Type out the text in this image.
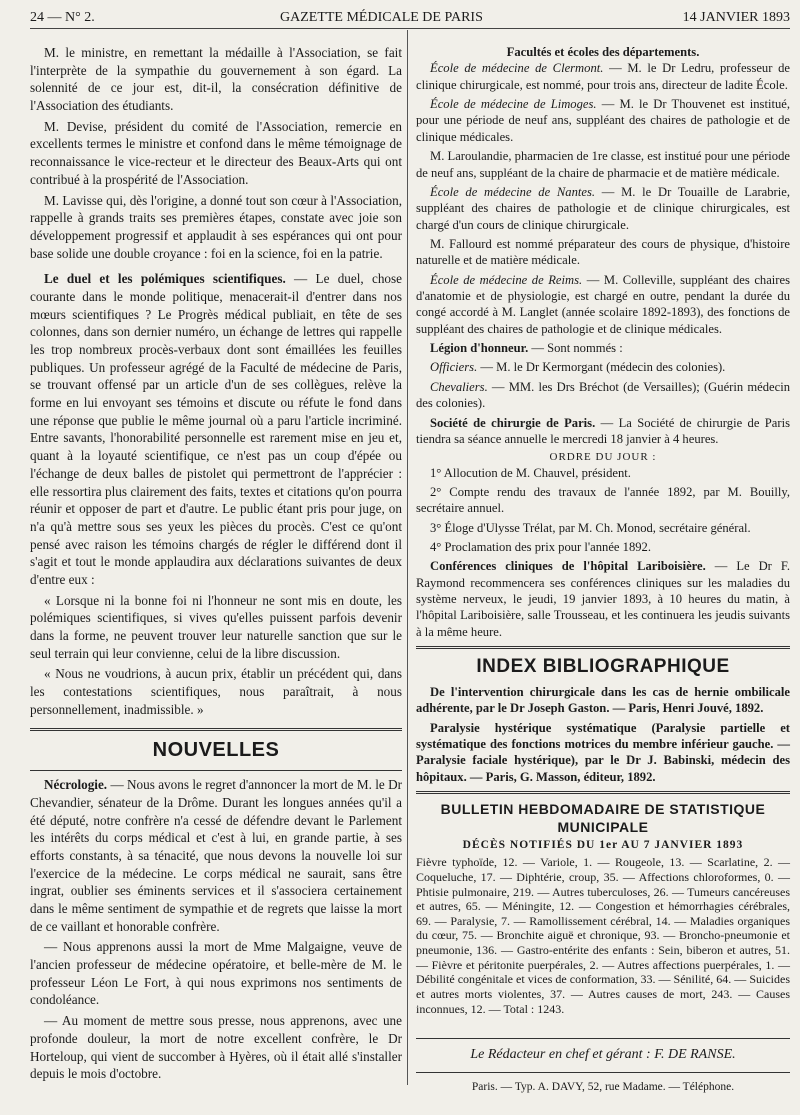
24 — N° 2.	GAZETTE MÉDICALE DE PARIS	14 JANVIER 1893

M. le ministre, en remettant la médaille à l'Association, se fait l'interprète de la sympathie du gouvernement à son égard. La solennité de ce jour est, dit-il, la consécration définitive de l'Association des étudiants.

M. Devise, président du comité de l'Association, remercie en excellents termes le ministre et confond dans le même témoignage de reconnaissance le vice-recteur et le directeur des Beaux-Arts qui ont contribué à la prospérité de l'Association.

M. Lavisse qui, dès l'origine, a donné tout son cœur à l'Association, rappelle à grands traits ses premières étapes, constate avec joie son développement progressif et applaudit à ses espérances qui ont pour base solide une double croyance : foi en la science, foi en la patrie.

Le duel et les polémiques scientifiques. — Le duel, chose courante dans le monde politique, menacerait-il d'entrer dans nos mœurs scientifiques ? Le Progrès médical publiait, en tête de ses colonnes, dans son dernier numéro, un échange de lettres qui rappelle les trop nombreux procès-verbaux dont sont émaillées les feuilles publiques. Un professeur agrégé de la Faculté de médecine de Paris, se trouvant offensé par un article d'un de ses collègues, relève la forme en lui envoyant ses témoins et discute ou réfute le fond dans une réponse que publie le même journal où a paru l'article incriminé. Entre savants, l'honorabilité personnelle est rarement mise en jeu et, quant à la loyauté scientifique, ce n'est pas un coup d'épée ou l'échange de deux balles de pistolet qui permettront de l'apprécier : elle ressortira plus clairement des faits, textes et citations qu'on pourra réunir et opposer de part et d'autre. Le public étant pris pour juge, on n'a qu'à mettre sous ses yeux les pièces du procès. C'est ce qu'ont pensé avec raison les témoins chargés de régler le différend dont il s'agit et tout le monde applaudira aux déclarations suivantes de deux d'entre eux :

« Lorsque ni la bonne foi ni l'honneur ne sont mis en doute, les polémiques scientifiques, si vives qu'elles puissent parfois devenir dans la forme, ne peuvent trouver leur naturelle sanction que sur le seul terrain qui leur convienne, celui de la libre discussion.

« Nous ne voudrions, à aucun prix, établir un précédent qui, dans les contestations scientifiques, nous paraîtrait, à nous personnellement, inadmissible. »

NOUVELLES

Nécrologie. — Nous avons le regret d'annoncer la mort de M. le Dr Chevandier, sénateur de la Drôme. Durant les longues années qu'il a été député, notre confrère n'a cessé de défendre devant le Parlement les intérêts du corps médical et c'est à lui, en grande partie, à ses efforts constants, à sa ténacité, que nous devons la nouvelle loi sur l'exercice de la médecine. Le corps médical ne saurait, sans être ingrat, oublier ses éminents services et il s'associera certainement dans le même sentiment de sympathie et de regrets que laisse la mort de ce vaillant et honorable confrère.

— Nous apprenons aussi la mort de Mme Malgaigne, veuve de l'ancien professeur de médecine opératoire, et belle-mère de M. le professeur Léon Le Fort, à qui nous exprimons nos sentiments de condoléance.

— Au moment de mettre sous presse, nous apprenons, avec une profonde douleur, la mort de notre excellent confrère, le Dr Horteloup, qui vient de succomber à Hyères, où il était allé s'installer depuis le mois d'octobre.

Facultés et écoles des départements.

École de médecine de Clermont. — M. le Dr Ledru, professeur de clinique chirurgicale, est nommé, pour trois ans, directeur de ladite École.

École de médecine de Limoges. — M. le Dr Thouvenet est institué, pour une période de neuf ans, suppléant des chaires de pathologie et de clinique médicales.

M. Laroulandie, pharmacien de 1re classe, est institué pour une période de neuf ans, suppléant de la chaire de pharmacie et de matière médicale.

École de médecine de Nantes. — M. le Dr Touaille de Larabrie, suppléant des chaires de pathologie et de clinique chirurgicales, est chargé d'un cours de clinique chirurgicale.

M. Fallourd est nommé préparateur des cours de physique, d'histoire naturelle et de matière médicale.

École de médecine de Reims. — M. Colleville, suppléant des chaires d'anatomie et de physiologie, est chargé en outre, pendant la durée du congé accordé à M. Langlet (année scolaire 1892-1893), des fonctions de suppléant des chaires de pathologie et de clinique médicales.

Légion d'honneur. — Sont nommés :

Officiers. — M. le Dr Kermorgant (médecin des colonies).

Chevaliers. — MM. les Drs Bréchot (de Versailles); (Guérin médecin des colonies).

Société de chirurgie de Paris. — La Société de chirurgie de Paris tiendra sa séance annuelle le mercredi 18 janvier à 4 heures.

ORDRE DU JOUR :

1° Allocution de M. Chauvel, président.

2° Compte rendu des travaux de l'année 1892, par M. Bouilly, secrétaire annuel.

3° Éloge d'Ulysse Trélat, par M. Ch. Monod, secrétaire général.

4° Proclamation des prix pour l'année 1892.

Conférences cliniques de l'hôpital Lariboisière. — Le Dr F. Raymond recommencera ses conférences cliniques sur les maladies du système nerveux, le jeudi, 19 janvier 1893, à 10 heures du matin, à l'hôpital Lariboisière, salle Trousseau, et les continuera les jeudis suivants à la même heure.

INDEX BIBLIOGRAPHIQUE

De l'intervention chirurgicale dans les cas de hernie ombilicale adhérente, par le Dr Joseph Gaston. — Paris, Henri Jouvé, 1892.

Paralysie hystérique systématique (Paralysie partielle et systématique des fonctions motrices du membre inférieur gauche. — Paralysie faciale hystérique), par le Dr J. Babinski, médecin des hôpitaux. — Paris, G. Masson, éditeur, 1892.

BULLETIN HEBDOMADAIRE DE STATISTIQUE MUNICIPALE
DÉCÈS NOTIFIÉS DU 1er AU 7 JANVIER 1893

Fièvre typhoïde, 12. — Variole, 1. — Rougeole, 13. — Scarlatine, 2. — Coqueluche, 17. — Diphtérie, croup, 35. — Affections chloroformes, 0. — Phtisie pulmonaire, 219. — Autres tuberculoses, 26. — Tumeurs cancéreuses et autres, 65. — Méningite, 12. — Congestion et hémorrhagies cérébrales, 69. — Paralysie, 7. — Ramollissement cérébral, 14. — Maladies organiques du cœur, 75. — Bronchite aiguë et chronique, 93. — Broncho-pneumonie et pneumonie, 136. — Gastro-entérite des enfants : Sein, biberon et autres, 51. — Fièvre et péritonite puerpérales, 2. — Autres affections puerpérales, 1. — Débilité congénitale et vices de conformation, 33. — Sénilité, 64. — Suicides et autres morts violentes, 37. — Autres causes de mort, 243. — Causes inconnues, 12. — Total : 1243.

Le Rédacteur en chef et gérant : F. DE RANSE.
Paris. — Typ. A. DAVY, 52, rue Madame. — Téléphone.
